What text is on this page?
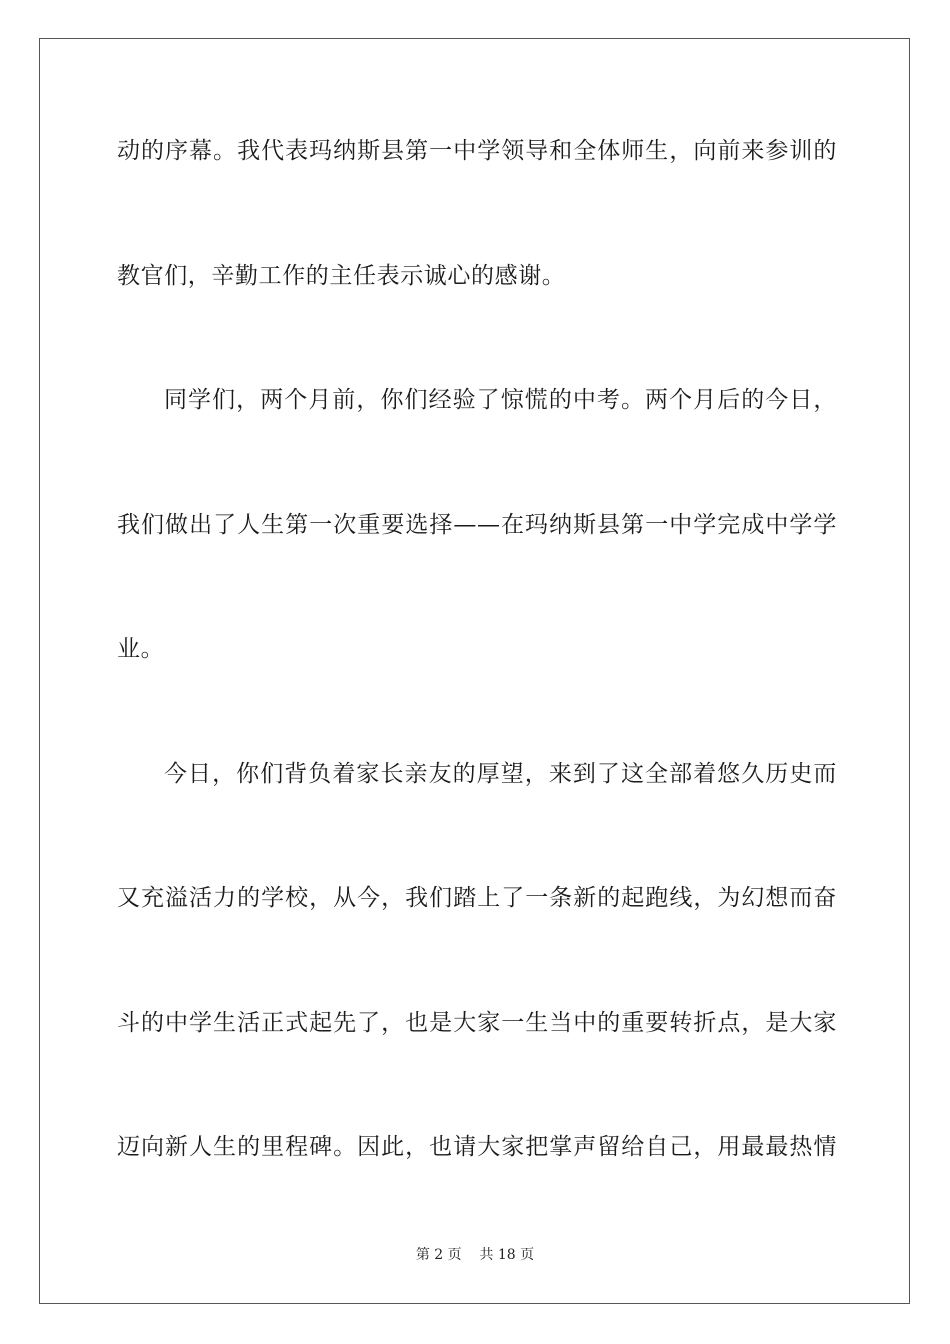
动的序幕。我代表玛纳斯县第一中学领导和全体师生，向前来参训的
教官们，辛勤工作的主任表示诚心的感谢。
同学们，两个月前，你们经验了惊慌的中考。两个月后的今日，
我们做出了人生第一次重要选择——在玛纳斯县第一中学完成中学学
业。
今日，你们背负着家长亲友的厚望，来到了这全部着悠久历史而
又充溢活力的学校，从今，我们踏上了一条新的起跑线，为幻想而奋
斗的中学生活正式起先了，也是大家一生当中的重要转折点，是大家
迈向新人生的里程碑。因此，也请大家把掌声留给自己，用最最热情
第 2 页 共 18 页
